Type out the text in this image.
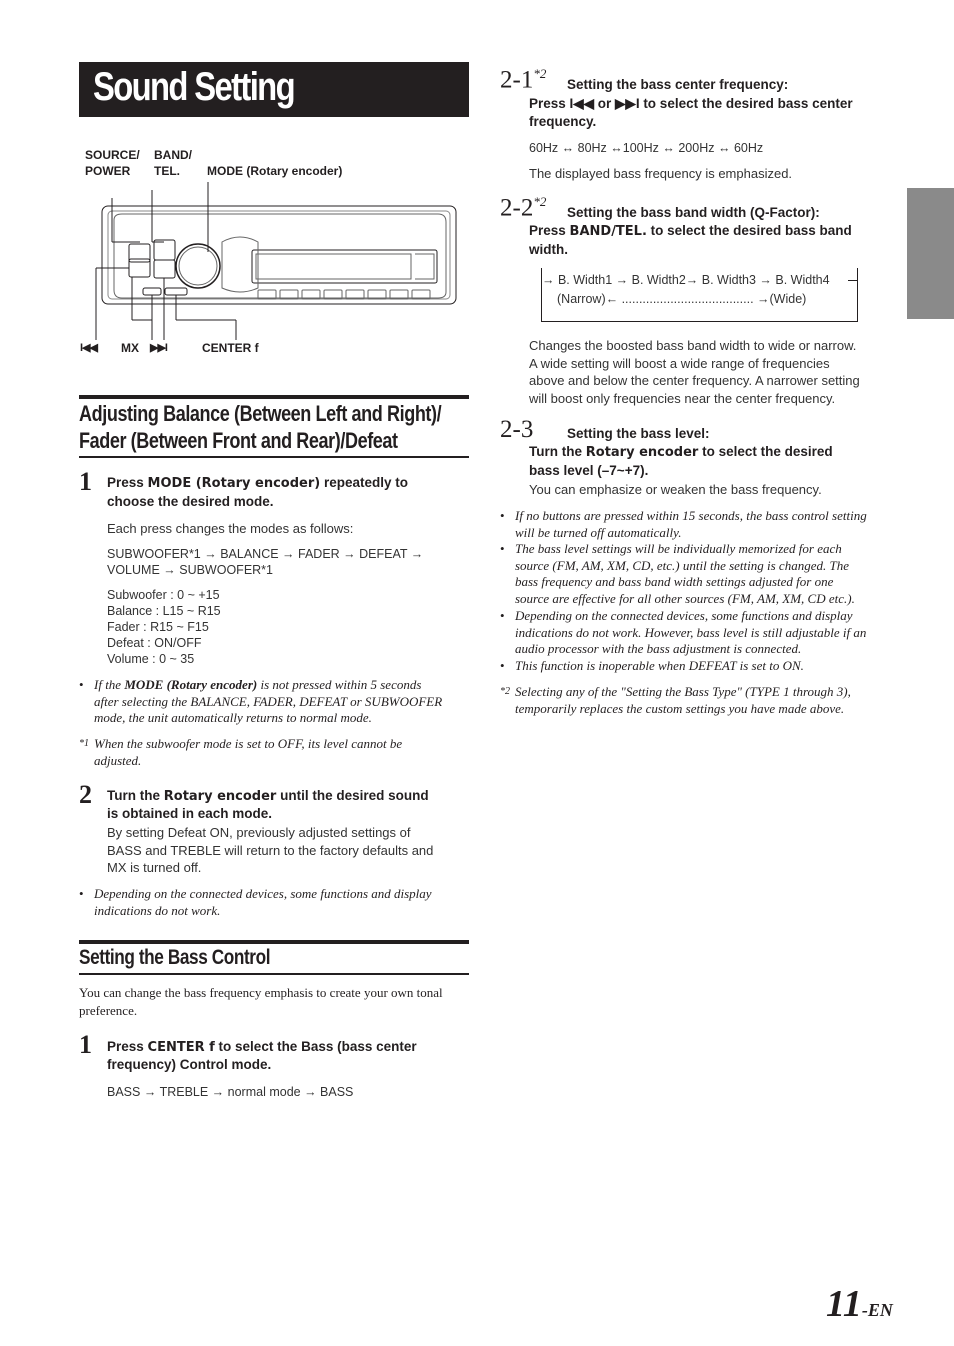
Sound Setting
SOURCE/
POWER
BAND/
TEL.	MODE (Rotary encoder)
I◀◀ MX ▶▶I	CENTER f
Adjusting Balance (Between Left and Right)/
Fader (Between Front and Rear)/Defeat
1 Press MODE (Rotary encoder) repeatedly to
choose the desired mode.
Each press changes the modes as follows:
SUBWOOFER*1 → BALANCE → FADER → DEFEAT →
VOLUME → SUBWOOFER*1
Subwoofer : 0 ~ +15
Balance : L15 ~ R15
Fader : R15 ~ F15
Defeat : ON/OFF
Volume : 0 ~ 35
• If the MODE (Rotary encoder) is not pressed within 5 seconds
after selecting the BALANCE, FADER, DEFEAT or SUBWOOFER
mode, the unit automatically returns to normal mode.
*1 When the subwoofer mode is set to OFF, its level cannot be
adjusted.
2 Turn the Rotary encoder until the desired sound
is obtained in each mode.
By setting Defeat ON, previously adjusted settings of
BASS and TREBLE will return to the factory defaults and
MX is turned off.
• Depending on the connected devices, some functions and display
indications do not work.
Setting the Bass Control
You can change the bass frequency emphasis to create your own tonal
preference.
1 Press CENTER f to select the Bass (bass center
frequency) Control mode.
BASS → TREBLE → normal mode → BASS
2-1$^{*2}$
Setting the bass center frequency:
Press I◀◀ or ▶▶I to select the desired bass center
frequency.
60Hz ↔ 80Hz ↔100Hz ↔ 200Hz ↔ 60Hz
The displayed bass frequency is emphasized.
2-2$^{*2}$
Setting the bass band width (Q-Factor):
Press BAND/TEL. to select the desired bass band
width.
→ B. Width1 → B. Width2→ B. Width3 → B. Width4
(Narrow)← ...................................... →(Wide)
Changes the boosted bass band width to wide or narrow.
A wide setting will boost a wide range of frequencies
above and below the center frequency. A narrower setting
will boost only frequencies near the center frequency.
2-3 Setting the bass level:
Turn the Rotary encoder to select the desired
bass level (–7~+7).
You can emphasize or weaken the bass frequency.
• If no buttons are pressed within 15 seconds, the bass control setting
will be turned off automatically.
• The bass level settings will be individually memorized for each
source (FM, AM, XM, CD, etc.) until the setting is changed. The
bass frequency and bass band width settings adjusted for one
source are effective for all other sources (FM, AM, XM, CD etc.).
• Depending on the connected devices, some functions and display
indications do not work. However, bass level is still adjustable if an
audio processor with the bass adjustment is connected.
• This function is inoperable when DEFEAT is set to ON.
*2 Selecting any of the "Setting the Bass Type" (TYPE 1 through 3),
temporarily replaces the custom settings you have made above.
11-EN
